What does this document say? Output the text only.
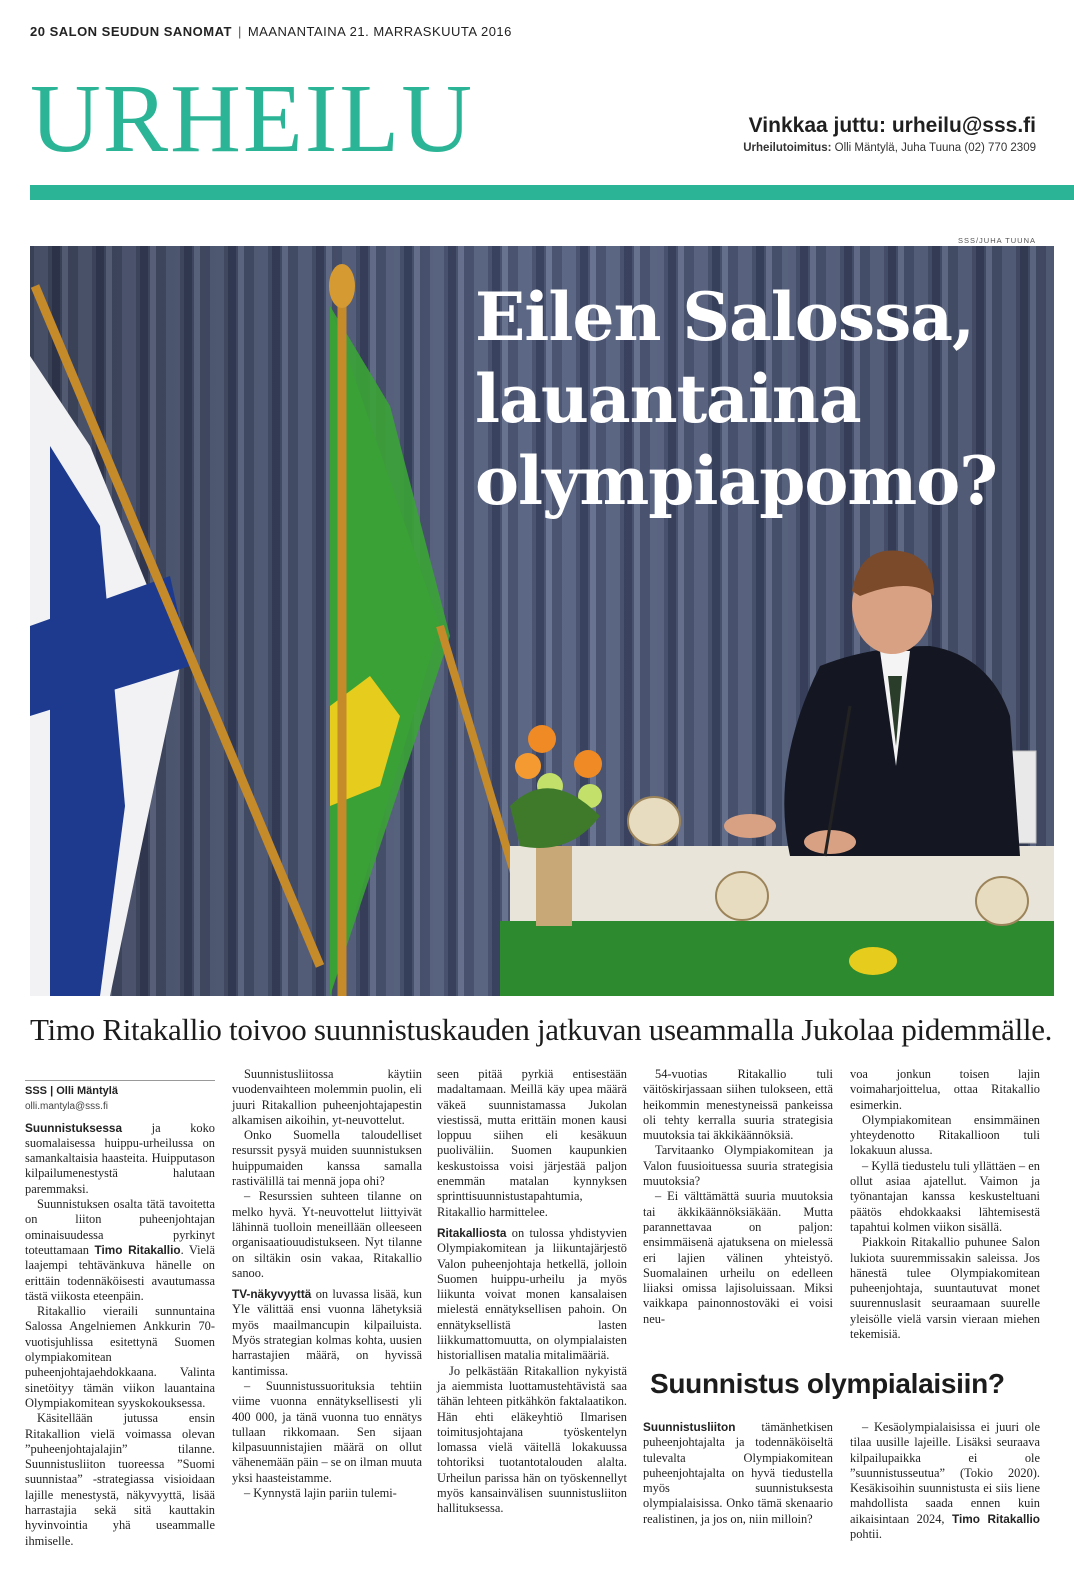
20 SALON SEUDUN SANOMAT | MAANANTAINA 21. MARRASKUUTA 2016
URHEILU	Vinkkaa juttu: urheilu@sss.fi
Urheilutoimitus: Olli Mäntylä, Juha Tuuna (02) 770 2309
SSS/JUHA TUUNA
Eilen Salossa,
lauantaina
olympiapomo?
Timo Ritakallio toivoo suunnistuskauden jatkuvan useammalla Jukolaa pidemmälle.
SSS | Olli Mäntylä
olli.mantyla@sss.fi

Suunnistuksessa ja koko suomalaisessa huippu-urheilussa on samankaltaisia haasteita. Huipputason kilpailumenestystä halutaan paremmaksi.

Suunnistuksen osalta tätä tavoitetta on liiton puheenjohtajan ominaisuudessa pyrkinyt toteuttamaan Timo Ritakallio. Vielä laajempi tehtävänkuva hänelle on erittäin todennäköisesti avautumassa tästä viikosta eteenpäin.

Ritakallio vieraili sunnuntaina Salossa Angelniemen Ankkurin 70-vuotisjuhlissa esitettynä Suomen olympiakomitean puheenjohtajaehdokkaana. Valinta sinetöityy tämän viikon lauantaina Olympiakomitean syyskokouksessa.

Käsitellään jutussa ensin Ritakallion vielä voimassa olevan ”puheenjohtajalajin” tilanne. Suunnistusliiton tuoreessa ”Suomi suunnistaa” -strategiassa visioidaan lajille menestystä, näkyvyyttä, lisää harrastajia sekä sitä kauttakin hyvinvointia yhä useammalle ihmiselle.

Suunnistusliitossa käytiin vuodenvaihteen molemmin puolin, eli juuri Ritakallion puheenjohtajapestin alkamisen aikoihin, yt-neuvottelut.

Onko Suomella taloudelliset resurssit pysyä muiden suunnistuksen huippumaiden kanssa samalla rastivälillä tai mennä jopa ohi?

– Resurssien suhteen tilanne on melko hyvä. Yt-neuvottelut liittyivät lähinnä tuolloin meneillään olleeseen organisaatiouudistukseen. Nyt tilanne on siltäkin osin vakaa, Ritakallio sanoo.

TV-näkyvyyttä on luvassa lisää, kun Yle välittää ensi vuonna lähetyksiä myös maailmancupin kilpailuista. Myös strategian kolmas kohta, uusien harrastajien määrä, on hyvissä kantimissa.

– Suunnistussuorituksia tehtiin viime vuonna ennätyksellisesti yli 400 000, ja tänä vuonna tuo ennätys tullaan rikkomaan. Sen sijaan kilpasuunnistajien määrä on ollut vähenemään päin – se on ilman muuta yksi haasteistamme.

– Kynnystä lajin pariin tulemi-

seen pitää pyrkiä entisestään madaltamaan. Meillä käy upea määrä väkeä suunnistamassa Jukolan viestissä, mutta erittäin monen kausi loppuu siihen eli kesäkuun puoliväliin. Suomen kaupunkien keskustoissa voisi järjestää paljon enemmän matalan kynnyksen sprinttisuunnistustapahtumia, Ritakallio harmittelee.

Ritakalliosta on tulossa yhdistyvien Olympiakomitean ja liikuntajärjestö Valon puheenjohtaja hetkellä, jolloin Suomen huippu-urheilu ja myös liikunta voivat monen kansalaisen mielestä ennätyksellisen pahoin. On ennätyksellistä lasten liikkumattomuutta, on olympialaisten historiallisen matalia mitalimääriä.

Jo pelkästään Ritakallion nykyistä ja aiemmista luottamustehtävistä saa tähän lehteen pitkähkön faktalaatikon. Hän ehti eläkeyhtiö Ilmarisen toimitusjohtajana työskentelyn lomassa vielä väitellä lokakuussa tohtoriksi tuotantotalouden alalta. Urheilun parissa hän on työskennellyt myös kansainvälisen suunnistusliiton hallituksessa.

54-vuotias Ritakallio tuli väitöskirjassaan siihen tulokseen, että heikommin menestyneissä pankeissa oli tehty kerralla suuria strategisia muutoksia tai äkkikäännöksiä.

Tarvitaanko Olympiakomitean ja Valon fuusioituessa suuria strategisia muutoksia?

– Ei välttämättä suuria muutoksia tai äkkikäännöksiäkään. Mutta parannettavaa on paljon: ensimmäisenä ajatuksena on mielessä eri lajien välinen yhteistyö. Suomalainen urheilu on edelleen liiaksi omissa lajisoluissaan. Miksi vaikkapa painonnostoväki ei voisi neu-

voa jonkun toisen lajin voimaharjoittelua, ottaa Ritakallio esimerkin.

Olympiakomitean ensimmäinen yhteydenotto Ritakallioon tuli lokakuun alussa.

– Kyllä tiedustelu tuli yllättäen – en ollut asiaa ajatellut. Vaimon ja työnantajan kanssa keskusteltuani päätös ehdokkaaksi lähtemisestä tapahtui kolmen viikon sisällä.

Piakkoin Ritakallio puhunee Salon lukiota suuremmissakin saleissa. Jos hänestä tulee Olympiakomitean puheenjohtaja, suuntautuvat monet suurennuslasit seuraamaan suurelle yleisölle vielä varsin vieraan miehen tekemisiä.

Suunnistus olympialaisiin?

Suunnistusliiton tämänhetkisen puheenjohtajalta ja todennäköiseltä tulevalta Olympiakomitean puheenjohtajalta on hyvä tiedustella myös suunnistuksesta olympialaisissa. Onko tämä skenaario realistinen, ja jos on, niin milloin?

– Kesäolympialaisissa ei juuri ole tilaa uusille lajeille. Lisäksi seuraava kilpailupaikka ei ole ”suunnistusseutua” (Tokio 2020). Kesäkisoihin suunnistusta ei siis liene mahdollista saada ennen kuin aikaisintaan 2024, Timo Ritakallio pohtii.
